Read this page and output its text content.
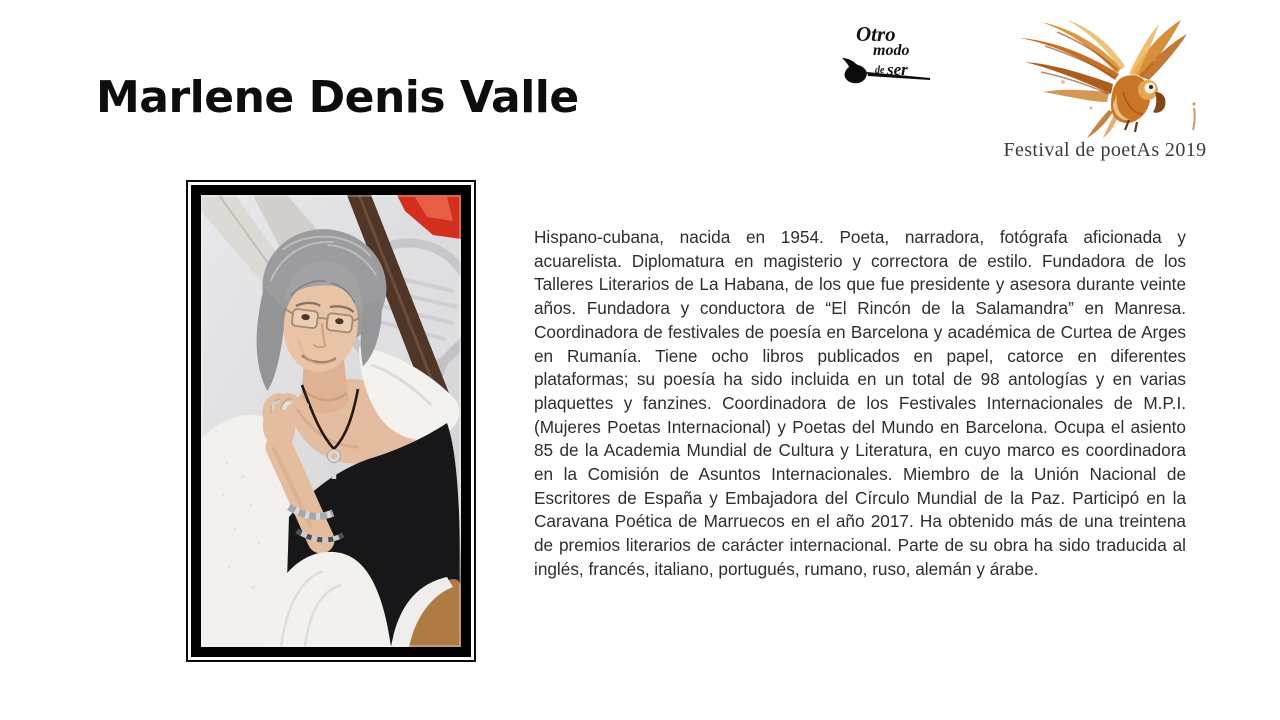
Marlene Denis Valle
Otro
modo
de ser
Festival de poetAs 2019

Hispano-cubana, nacida en 1954. Poeta, narradora, fotógrafa aficionada y acuarelista. Diplomatura en magisterio y correctora de estilo. Fundadora de los Talleres Literarios de La Habana, de los que fue presidente y asesora durante veinte años. Fundadora y conductora de “El Rincón de la Salamandra” en Manresa. Coordinadora de festivales de poesía en Barcelona y académica de Curtea de Arges en Rumanía. Tiene ocho libros publicados en papel, catorce en diferentes plataformas; su poesía ha sido incluida en un total de 98 antologías y en varias plaquettes y fanzines. Coordinadora de los Festivales Internacionales de M.P.I. (Mujeres Poetas Internacional) y Poetas del Mundo en Barcelona. Ocupa el asiento 85 de la Academia Mundial de Cultura y Literatura, en cuyo marco es coordinadora en la Comisión de Asuntos Internacionales. Miembro de la Unión Nacional de Escritores de España y Embajadora del Círculo Mundial de la Paz. Participó en la Caravana Poética de Marruecos en el año 2017. Ha obtenido más de una treintena de premios literarios de carácter internacional. Parte de su obra ha sido traducida al inglés, francés, italiano, portugués, rumano, ruso, alemán y árabe.
